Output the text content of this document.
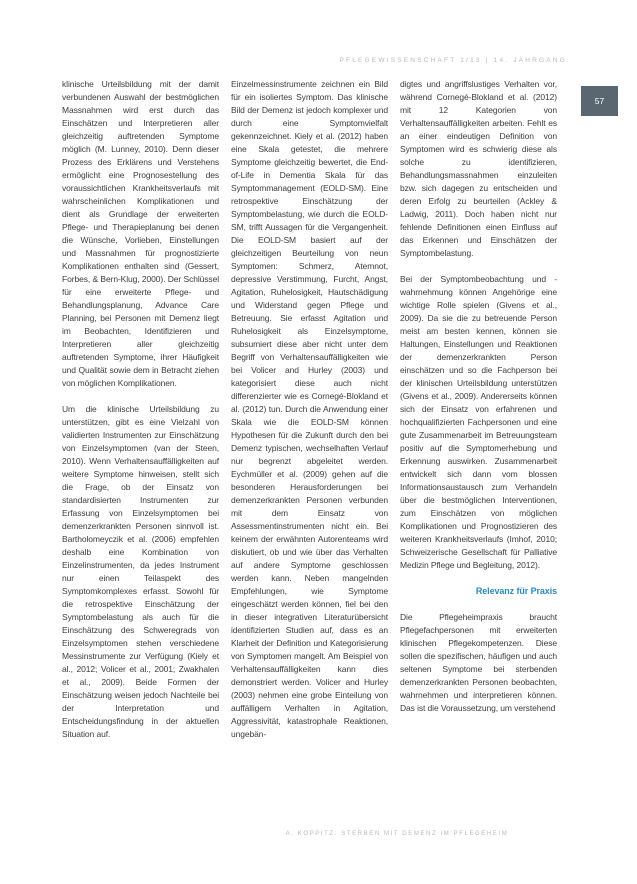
PFLEGEWISSENSCHAFT 1/13 | 14. JAHRGANG
57

klinische Urteilsbildung mit der damit verbundenen Auswahl der bestmöglichen Massnahmen wird erst durch das Einschätzen und Interpretieren aller gleichzeitig auftretenden Symptome möglich (M. Lunney, 2010). Denn dieser Prozess des Erklärens und Verstehens ermöglicht eine Prognosestellung des voraussichtlichen Krankheitsverlaufs mit wahrscheinlichen Komplikationen und dient als Grundlage der erweiterten Pflege- und Therapieplanung bei denen die Wünsche, Vorlieben, Einstellungen und Massnahmen für prognostizierte Komplikationen enthalten sind (Gessert, Forbes, & Bern-Klug, 2000). Der Schlüssel für eine erweiterte Pflege- und Behandlungsplanung, Advance Care Planning, bei Personen mit Demenz liegt im Beobachten, Identifizieren und Interpretieren aller gleichzeitig auftretenden Symptome, ihrer Häufigkeit und Qualität sowie dem in Betracht ziehen von möglichen Komplikationen.

Um die klinische Urteilsbildung zu unterstützen, gibt es eine Vielzahl von validierten Instrumenten zur Einschätzung von Einzelsymptomen (van der Steen, 2010). Wenn Verhaltensauffälligkeiten auf weitere Symptome hinweisen, stellt sich die Frage, ob der Einsatz von standardisierten Instrumenten zur Erfassung von Einzelsymptomen bei demenzerkrankten Personen sinnvoll ist. Bartholomeyczik et al. (2006) empfehlen deshalb eine Kombination von Einzelinstrumenten, da jedes Instrument nur einen Teilaspekt des Symptomkomplexes erfasst. Sowohl für die retrospektive Einschätzung der Symptombelastung als auch für die Einschätzung des Schweregrads von Einzelsymptomen stehen verschiedene Messinstrumente zur Verfügung (Kiely et al., 2012; Volicer et al., 2001; Zwakhalen et al., 2009). Beide Formen der Einschätzung weisen jedoch Nachteile bei der Interpretation und Entscheidungsfindung in der aktuellen Situation auf.

Einzelmessinstrumente zeichnen ein Bild für ein isoliertes Symptom. Das klinische Bild der Demenz ist jedoch komplexer und durch eine Symptomvielfalt gekennzeichnet. Kiely et al. (2012) haben eine Skala getestet, die mehrere Symptome gleichzeitig bewertet, die End-of-Life in Dementia Skala für das Symptommanagement (EOLD-SM). Eine retrospektive Einschätzung der Symptombelastung, wie durch die EOLD-SM, trifft Aussagen für die Vergangenheit. Die EOLD-SM basiert auf der gleichzeitigen Beurteilung von neun Symptomen: Schmerz, Atemnot, depressive Verstimmung, Furcht, Angst, Agitation, Ruhelosigkeit, Hautschädigung und Widerstand gegen Pflege und Betreuung. Sie erfasst Agitation und Ruhelosigkeit als Einzelsymptome, subsumiert diese aber nicht unter dem Begriff von Verhaltensauffälligkeiten wie bei Volicer and Hurley (2003) und kategorisiert diese auch nicht differenzierter wie es Cornegé-Blokland et al. (2012) tun. Durch die Anwendung einer Skala wie die EOLD-SM können Hypothesen für die Zukunft durch den bei Demenz typischen, wechselhaften Verlauf nur begrenzt abgeleitet werden. Eychmüller et al. (2009) gehen auf die besonderen Herausforderungen bei demenzerkrankten Personen verbunden mit dem Einsatz von Assessmentinstrumenten nicht ein. Bei keinem der erwähnten Autorenteams wird diskutiert, ob und wie über das Verhalten auf andere Symptome geschlossen werden kann. Neben mangelnden Empfehlungen, wie Symptome eingeschätzt werden können, fiel bei den in dieser integrativen Literaturübersicht identifizierten Studien auf, dass es an Klarheit der Definition und Kategorisierung von Symptomen mangelt. Am Beispiel von Verhaltensauffälligkeiten kann dies demonstriert werden. Volicer and Hurley (2003) nehmen eine grobe Einteilung von auffälligem Verhalten in Agitation, Aggressivität, katastrophale Reaktionen, ungebän-

digtes und angriffslustiges Verhalten vor, während Cornegé-Blokland et al. (2012) mit 12 Kategorien von Verhaltensauffälligkeiten arbeiten. Fehlt es an einer eindeutigen Definition von Symptomen wird es schwierig diese als solche zu identifizieren, Behandlungsmassnahmen einzuleiten bzw. sich dagegen zu entscheiden und deren Erfolg zu beurteilen (Ackley & Ladwig, 2011). Doch haben nicht nur fehlende Definitionen einen Einfluss auf das Erkennen und Einschätzen der Symptombelastung.

Bei der Symptombeobachtung und -wahrnehmung können Angehörige eine wichtige Rolle spielen (Givens et al., 2009). Da sie die zu betreuende Person meist am besten kennen, können sie Haltungen, Einstellungen und Reaktionen der demenzerkrankten Person einschätzen und so die Fachperson bei der klinischen Urteilsbildung unterstützen (Givens et al., 2009). Andererseits können sich der Einsatz von erfahrenen und hochqualifizierten Fachpersonen und eine gute Zusammenarbeit im Betreuungsteam positiv auf die Symptomerhebung und Erkennung auswirken. Zusammenarbeit entwickelt sich dann vom blossen Informationsaustausch zum Verhandeln über die bestmöglichen Interventionen, zum Einschätzen von möglichen Komplikationen und Prognostizieren des weiteren Krankheitsverlaufs (Imhof, 2010; Schweizerische Gesellschaft für Palliative Medizin Pflege und Begleitung, 2012).

Relevanz für Praxis

Die Pflegeheimpraxis braucht Pflegefachpersonen mit erweiterten klinischen Pflegekompetenzen. Diese sollen die spezifischen, häufigen und auch seltenen Symptome bei sterbenden demenzerkrankten Personen beobachten, wahrnehmen und interpretieren können. Das ist die Voraussetzung, um verstehend

A. KOPPITZ: STERBEN MIT DEMENZ IM PFLEGEHEIM
